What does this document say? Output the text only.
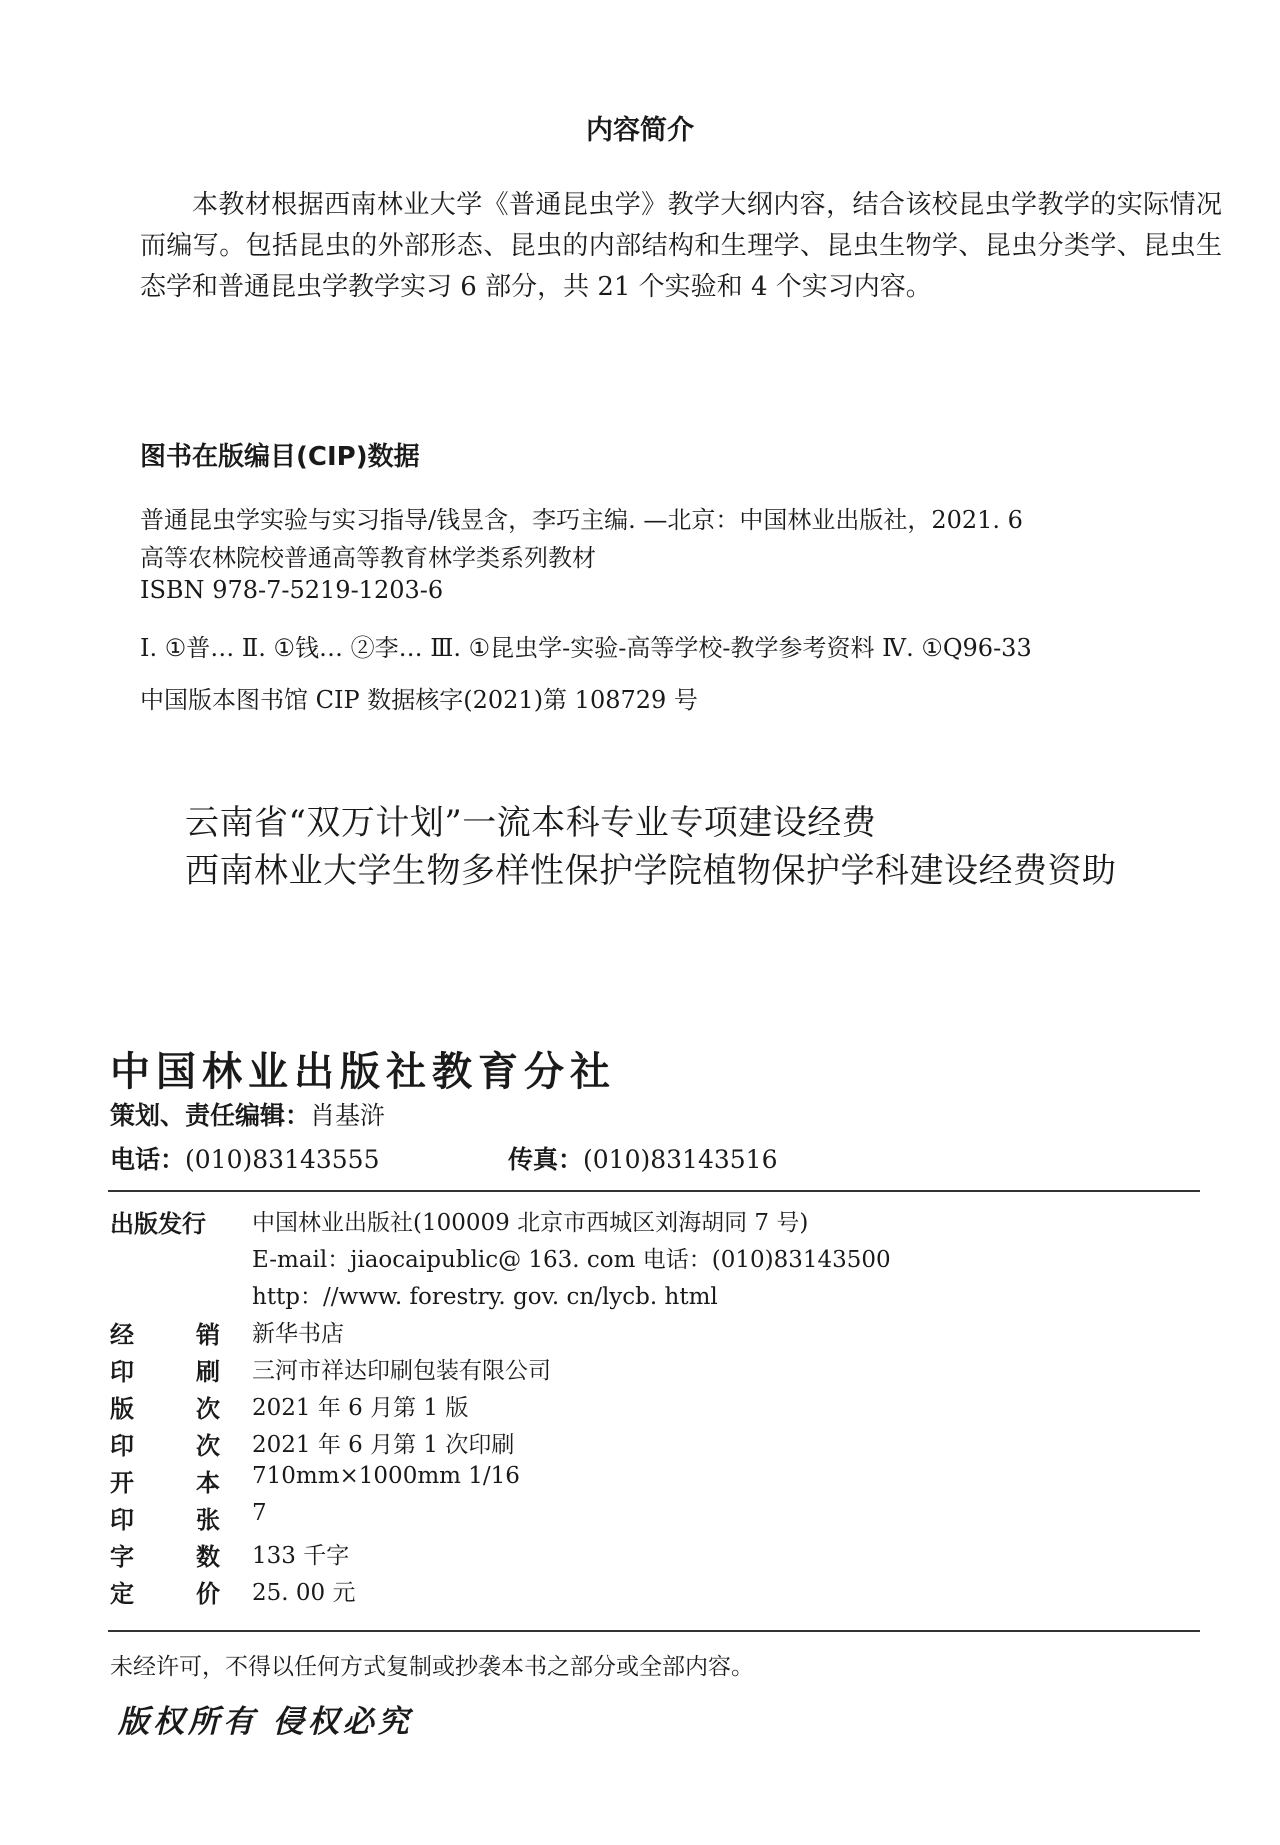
内容简介

本教材根据西南林业大学《普通昆虫学》教学大纲内容，结合该校昆虫学教学的实际情况而编写。包括昆虫的外部形态、昆虫的内部结构和生理学、昆虫生物学、昆虫分类学、昆虫生态学和普通昆虫学教学实习 6 部分，共 21 个实验和 4 个实习内容。

图书在版编目(CIP)数据
普通昆虫学实验与实习指导/钱昱含，李巧主编. —北京：中国林业出版社，2021. 6
高等农林院校普通高等教育林学类系列教材
ISBN 978-7-5219-1203-6
Ⅰ. ①普… Ⅱ. ①钱… ②李… Ⅲ. ①昆虫学-实验-高等学校-教学参考资料 Ⅳ. ①Q96-33
中国版本图书馆 CIP 数据核字(2021)第 108729 号
云南省“双万计划”一流本科专业专项建设经费
西南林业大学生物多样性保护学院植物保护学科建设经费资助
中国林业出版社教育分社
策划、责任编辑：肖基浒
电话：(010)83143555	传真：(010)83143516
出版发行 中国林业出版社(100009 北京市西城区刘海胡同 7 号)
E-mail：jiaocaipublic@ 163. com 电话：(010)83143500
http：//www. forestry. gov. cn/lycb. html
经	销 新华书店
印	刷 三河市祥达印刷包装有限公司
版	次 2021 年 6 月第 1 版
印	次 2021 年 6 月第 1 次印刷
开	本 710mm×1000mm 1/16
印	张 7
字	数 133 千字
定	价 25. 00 元
未经许可，不得以任何方式复制或抄袭本书之部分或全部内容。
版权所有 侵权必究
